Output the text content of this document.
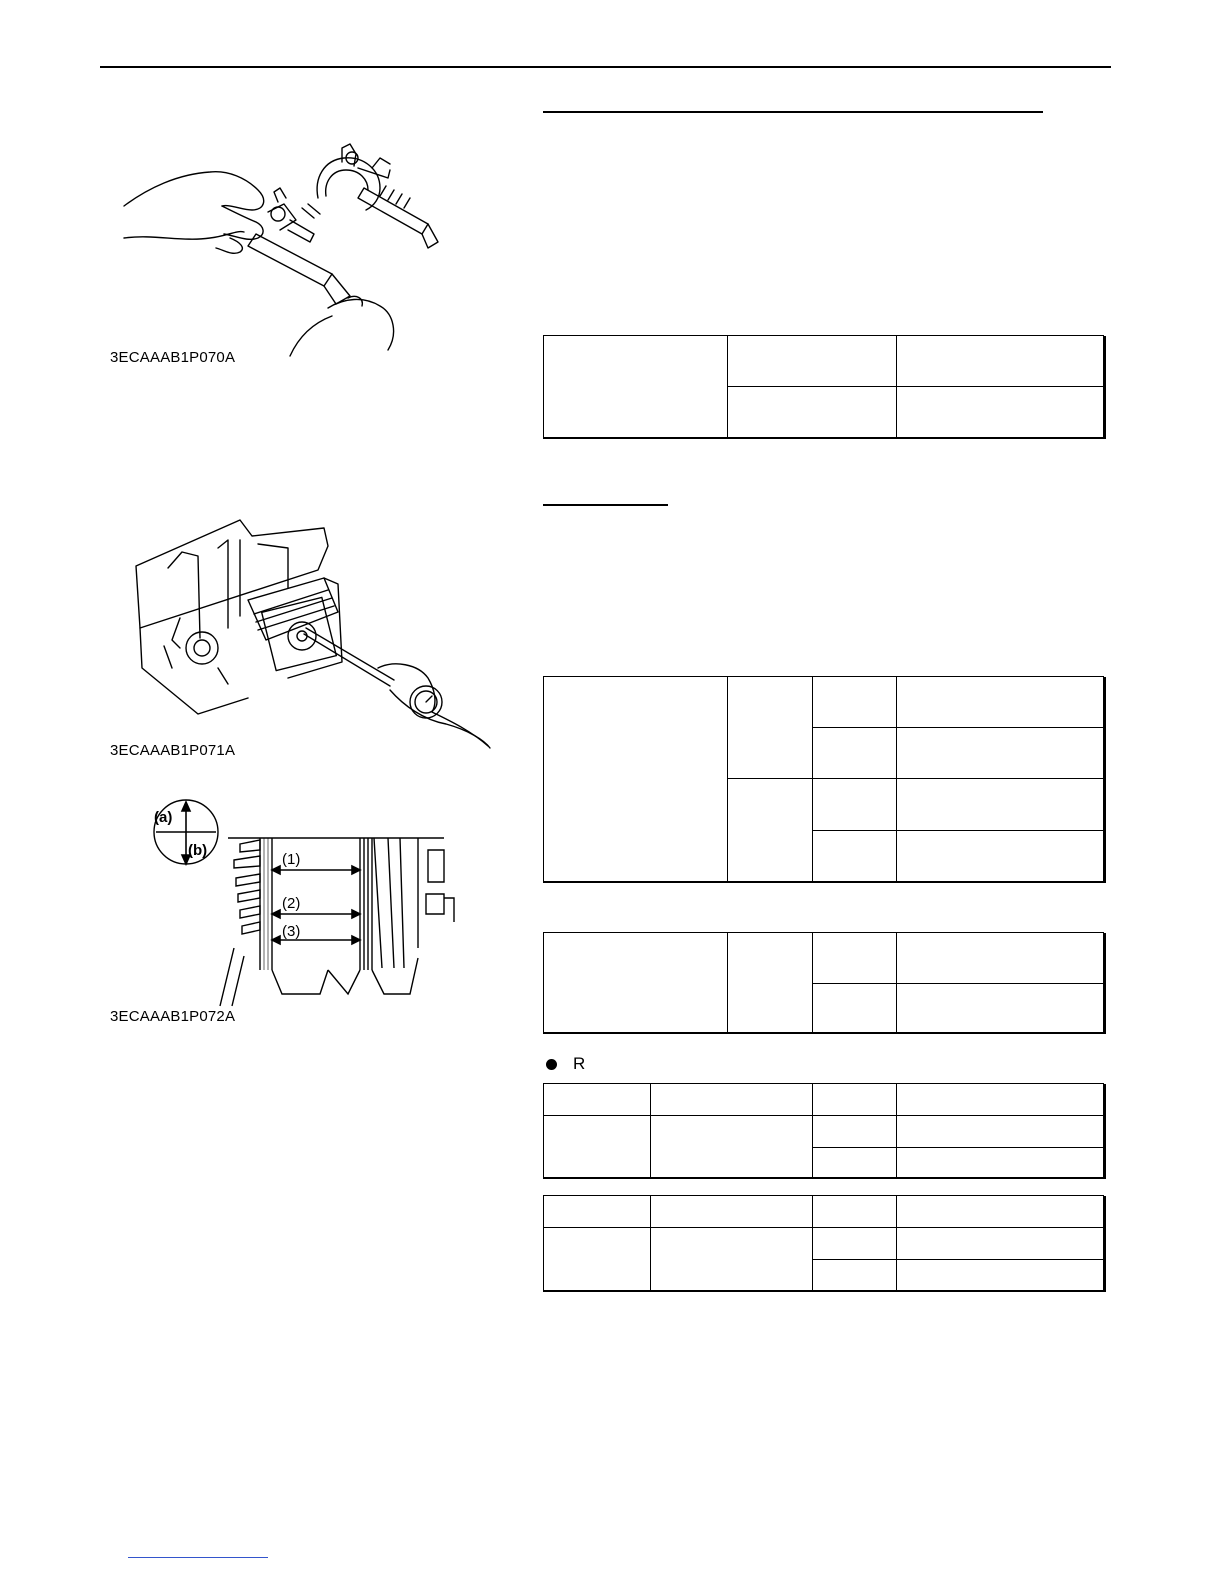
3ECAAAB1P070A
3ECAAAB1P071A
(a)
(b)
(1)
(2)
(3)
3ECAAAB1P072A
R
